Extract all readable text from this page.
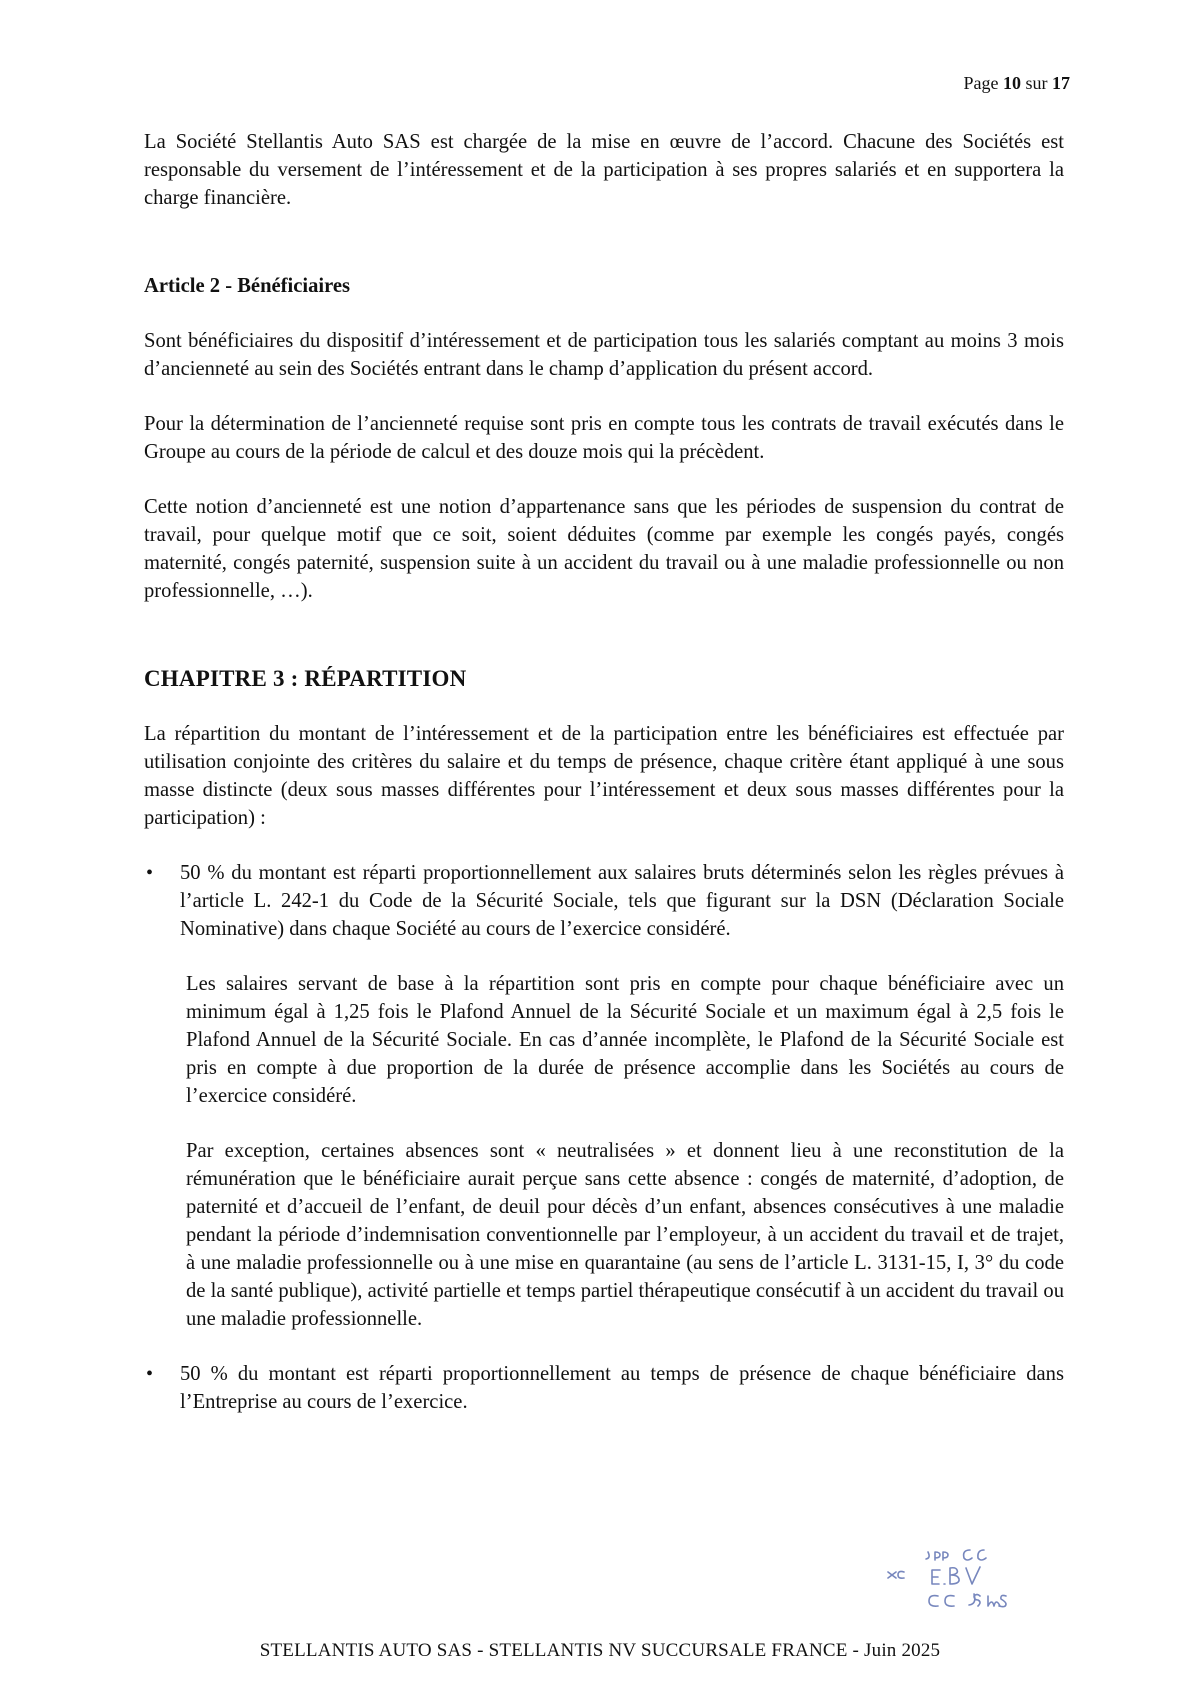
Page 10 sur 17

La Société Stellantis Auto SAS est chargée de la mise en œuvre de l’accord. Chacune des Sociétés est responsable du versement de l’intéressement et de la participation à ses propres salariés et en supportera la charge financière.

Article 2 - Bénéficiaires

Sont bénéficiaires du dispositif d’intéressement et de participation tous les salariés comptant au moins 3 mois d’ancienneté au sein des Sociétés entrant dans le champ d’application du présent accord.

Pour la détermination de l’ancienneté requise sont pris en compte tous les contrats de travail exécutés dans le Groupe au cours de la période de calcul et des douze mois qui la précèdent.

Cette notion d’ancienneté est une notion d’appartenance sans que les périodes de suspension du contrat de travail, pour quelque motif que ce soit, soient déduites (comme par exemple les congés payés, congés maternité, congés paternité, suspension suite à un accident du travail ou à une maladie professionnelle ou non professionnelle, …).

CHAPITRE 3 : RÉPARTITION

La répartition du montant de l’intéressement et de la participation entre les bénéficiaires est effectuée par utilisation conjointe des critères du salaire et du temps de présence, chaque critère étant appliqué à une sous masse distincte (deux sous masses différentes pour l’intéressement et deux sous masses différentes pour la participation) :

• 50 % du montant est réparti proportionnellement aux salaires bruts déterminés selon les règles prévues à l’article L. 242-1 du Code de la Sécurité Sociale, tels que figurant sur la DSN (Déclaration Sociale Nominative) dans chaque Société au cours de l’exercice considéré.

Les salaires servant de base à la répartition sont pris en compte pour chaque bénéficiaire avec un minimum égal à 1,25 fois le Plafond Annuel de la Sécurité Sociale et un maximum égal à 2,5 fois le Plafond Annuel de la Sécurité Sociale. En cas d’année incomplète, le Plafond de la Sécurité Sociale est pris en compte à due proportion de la durée de présence accomplie dans les Sociétés au cours de l’exercice considéré.

Par exception, certaines absences sont « neutralisées » et donnent lieu à une reconstitution de la rémunération que le bénéficiaire aurait perçue sans cette absence : congés de maternité, d’adoption, de paternité et d’accueil de l’enfant, de deuil pour décès d’un enfant, absences consécutives à une maladie pendant la période d’indemnisation conventionnelle par l’employeur, à un accident du travail et de trajet, à une maladie professionnelle ou à une mise en quarantaine (au sens de l’article L. 3131-15, I, 3° du code de la santé publique), activité partielle et temps partiel thérapeutique consécutif à un accident du travail ou une maladie professionnelle.

• 50 % du montant est réparti proportionnellement au temps de présence de chaque bénéficiaire dans l’Entreprise au cours de l’exercice.

STELLANTIS AUTO SAS - STELLANTIS NV SUCCURSALE FRANCE - Juin 2025
